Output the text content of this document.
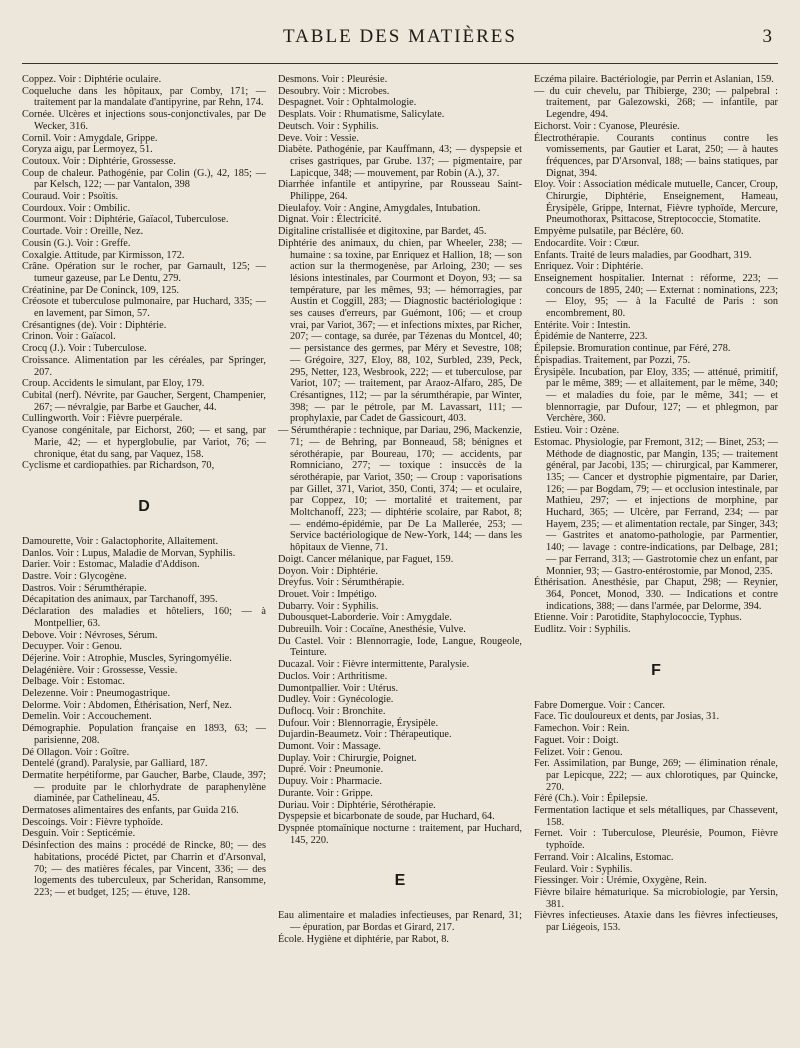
TABLE DES MATIÈRES	3
Coppez. Voir : Diphtérie oculaire.
Coqueluche dans les hôpitaux, par Comby, 171; — traitement par la mandalate d'antipyrine, par Rehn, 174.
Cornée. Ulcères et injections sous-conjonctivales, par De Wecker, 316.
Cornil. Voir : Amygdale, Grippe.
Coryza aigu, par Lermoyez, 51.
Coutoux. Voir : Diphtérie, Grossesse.
Coup de chaleur. Pathogénie, par Colin (G.), 42, 185; — par Kelsch, 122; — par Vantalon, 398
Couraud. Voir : Psoïtis.
Courdoux. Voir : Ombilic.
Courmont. Voir : Diphtérie, Gaïacol, Tuberculose.
Courtade. Voir : Oreille, Nez.
Cousin (G.). Voir : Greffe.
Coxalgie. Attitude, par Kirmisson, 172.
Crâne. Opération sur le rocher, par Garnault, 125; — tumeur gazeuse, par Le Dentu, 279.
Créatinine, par De Coninck, 109, 125.
Créosote et tuberculose pulmonaire, par Huchard, 335; — en lavement, par Simon, 57.
Crésantignes (de). Voir : Diphtérie.
Crinon. Voir : Gaïacol.
Crocq (J.). Voir : Tuberculose.
Croissance. Alimentation par les céréales, par Springer, 207.
Croup. Accidents le simulant, par Eloy, 179.
Cubital (nerf). Névrite, par Gaucher, Sergent, Champenier, 267; — névralgie, par Barbe et Gaucher, 44.
Cullingworth. Voir : Fièvre puerpérale.
Cyanose congénitale, par Eichorst, 260; — et sang, par Marie, 42; — et hyperglobulie, par Variot, 76; — chronique, état du sang, par Vaquez, 158.
Cyclisme et cardiopathies. par Richardson, 70,
D
Damourette, Voir : Galactophorite, Allaitement.
Danlos. Voir : Lupus, Maladie de Morvan, Syphilis.
Darier. Voir : Estomac, Maladie d'Addison.
Dastre. Voir : Glycogène.
Dastros. Voir : Sérumthérapie.
Décapitation des animaux, par Tarchanoff, 395.
Déclaration des maladies et hôteliers, 160; — à Montpellier, 63.
Debove. Voir : Névroses, Sérum.
Decuyper. Voir : Genou.
Déjerine. Voir : Atrophie, Muscles, Syringomyélie.
Delagénière. Voir : Grossesse, Vessie.
Delbage. Voir : Estomac.
Delezenne. Voir : Pneumogastrique.
Delorme. Voir : Abdomen, Éthérisation, Nerf, Nez.
Demelin. Voir : Accouchement.
Démographie. Population française en 1893, 63; — parisienne, 208.
Dé Ollagon. Voir : Goître.
Dentelé (grand). Paralysie, par Galliard, 187.
Dermatite herpétiforme, par Gaucher, Barbe, Claude, 397; — produite par le chlorhydrate de paraphenylène diaminée, par Cathelineau, 45.
Dermatoses alimentaires des enfants, par Guida 216.
Descoings. Voir : Fièvre typhoïde.
Desguin. Voir : Septicémie.
Désinfection des mains : procédé de Rincke, 80; — des habitations, procédé Pictet, par Charrin et d'Arsonval, 70; — des matières fécales, par Vincent, 336; — des logements des tuberculeux, par Scheridan, Ransomme, 223; — et budget, 125; — étuve, 128.
Desmons. Voir : Pleurésie.
Desoubry. Voir : Microbes.
Despagnet. Voir : Ophtalmologie.
Desplats. Voir : Rhumatisme, Salicylate.
Deutsch. Voir : Syphilis.
Deve. Voir : Vessie.
Diabète. Pathogénie, par Kauffmann, 43; — dyspepsie et crises gastriques, par Grube. 137; — pigmentaire, par Lapicque, 348; — mouvement, par Robin (A.), 37.
Diarrhée infantile et antipyrine, par Rousseau Saint-Philippe, 264.
Dieulafoy. Voir : Angine, Amygdales, Intubation.
Dignat. Voir : Électricité.
Digitaline cristallisée et digitoxine, par Bardet, 45.
Diphtérie des animaux, du chien, par Wheeler, 238; — humaine : sa toxine, par Enriquez et Hallion, 18; — son action sur la thermogenèse, par Arloing, 230; — ses lésions intestinales, par Courmont et Doyon, 93; — sa température, par les mêmes, 93; — hémorragies, par Austin et Coggill, 283; — Diagnostic bactériologique : ses causes d'erreurs, par Guémont, 106; — et croup vrai, par Variot, 367; — et infections mixtes, par Richer, 207; — contage, sa durée, par Tézenas du Montcel, 40; — persistance des germes, par Méry et Sevestre, 108; — Grégoire, 327, Eloy, 88, 102, Surbled, 239, Peck, 295, Netter, 123, Wesbrook, 222; — et tuberculose, par Variot, 107; — traitement, par Araoz-Alfaro, 285, De Crésantignes, 112; — par la sérumthérapie, par Winter, 398; — par le pétrole, par M. Lavassart, 111; — prophylaxie, par Cadet de Gassicourt, 403.
— Sérumthérapie : technique, par Dariau, 296, Mackenzie, 71; — de Behring, par Bonneaud, 58; bénignes et sérothérapie, par Boureau, 170; — accidents, par Romniciano, 277; — toxique : insuccès de la sérothérapie, par Variot, 350; — Croup : vaporisations par Gillet, 371, Variot, 350, Conti, 374; — et oculaire, par Coppez, 10; — mortalité et traitement, par Moltchanoff, 223; — diphtérie scolaire, par Rabot, 8; — endémo-épidémie, par De La Mallerée, 253; — Service bactériologique de New-York, 144; — dans les hôpitaux de Vienne, 71.
Doigt. Cancer mélanique, par Faguet, 159.
Doyon. Voir : Diphtérie.
Dreyfus. Voir : Sérumthérapie.
Drouet. Voir : Impétigo.
Dubarry. Voir : Syphilis.
Dubousquet-Laborderie. Voir : Amygdale.
Dubreuilh. Voir : Cocaïne, Anesthésie, Vulve.
Du Castel. Voir : Blennorragie, Iode, Langue, Rougeole, Teinture.
Ducazal. Voir : Fièvre intermittente, Paralysie.
Duclos. Voir : Arthritisme.
Dumontpallier. Voir : Utérus.
Dudley. Voir : Gynécologie.
Duflocq. Voir : Bronchite.
Dufour. Voir : Blennorragie, Érysipèle.
Dujardin-Beaumetz. Voir : Thérapeutique.
Dumont. Voir : Massage.
Duplay. Voir : Chirurgie, Poignet.
Dupré. Voir : Pneumonie.
Dupuy. Voir : Pharmacie.
Durante. Voir : Grippe.
Duriau. Voir : Diphtérie, Sérothérapie.
Dyspepsie et bicarbonate de soude, par Huchard, 64.
Dyspnée ptomaïnique nocturne : traitement, par Huchard, 145, 220.
E
Eau alimentaire et maladies infectieuses, par Renard, 31; — épuration, par Bordas et Girard, 217.
École. Hygiène et diphtérie, par Rabot, 8.
Eczéma pilaire. Bactériologie, par Perrin et Aslanian, 159.
— du cuir chevelu, par Thibierge, 230; — palpebral : traitement, par Galezowski, 268; — infantile, par Legendre, 494.
Eichorst. Voir : Cyanose, Pleurésie.
Électrothérapie. Courants continus contre les vomissements, par Gautier et Larat, 250; — à hautes fréquences, par D'Arsonval, 188; — bains statiques, par Dignat, 394.
Eloy. Voir : Association médicale mutuelle, Cancer, Croup, Chirurgie, Diphtérie, Enseignement, Hameau, Érysipèle, Grippe, Internat, Fièvre typhoïde, Mercure, Pneumothorax, Psittacose, Streptococcie, Stomatite.
Empyème pulsatile, par Béclère, 60.
Endocardite. Voir : Cœur.
Enfants. Traité de leurs maladies, par Goodhart, 319.
Enriquez. Voir : Diphtérie.
Enseignement hospitalier. Internat : réforme, 223; — concours de 1895, 240; — Externat : nominations, 223; — Eloy, 95; — à la Faculté de Paris : son encombrement, 80.
Entérite. Voir : Intestin.
Épidémie de Nanterre, 223.
Épilepsie. Bromuration continue, par Féré, 278.
Épispadias. Traitement, par Pozzi, 75.
Érysipèle. Incubation, par Eloy, 335; — atténué, primitif, par le même, 389; — et allaitement, par le même, 340; — et maladies du foie, par le même, 341; — et blennorragie, par Dufour, 127; — et phlegmon, par Verchère, 360.
Estieu. Voir : Ozène.
Estomac. Physiologie, par Fremont, 312; — Binet, 253; — Méthode de diagnostic, par Mangin, 135; — traitement général, par Jacobi, 135; — chirurgical, par Kammerer, 135; — Cancer et dystrophie pigmentaire, par Darier, 126; — par Bogdam, 79; — et occlusion intestinale, par Mathieu, 297; — et injections de morphine, par Huchard, 365; — Ulcère, par Ferrand, 234; — par Hayem, 235; — et alimentation rectale, par Singer, 343; — Gastrites et anatomo-pathologie, par Parmentier, 140; — lavage : contre-indications, par Delbage, 281; — par Ferrand, 313; — Gastrotomie chez un enfant, par Monnier, 93; — Gastro-entérostomie, par Monod, 235.
Éthérisation. Anesthésie, par Chaput, 298; — Reynier, 364, Poncet, Monod, 330. — Indications et contre indications, 388; — dans l'armée, par Delorme, 394.
Etienne. Voir : Parotidite, Staphylococcie, Typhus.
Eudlitz. Voir : Syphilis.
F
Fabre Domergue. Voir : Cancer.
Face. Tic douloureux et dents, par Josias, 31.
Famechon. Voir : Rein.
Faguet. Voir : Doigt.
Felizet. Voir : Genou.
Fer. Assimilation, par Bunge, 269; — élimination rénale, par Lepicque, 222; — aux chlorotiques, par Quincke, 270.
Féré (Ch.). Voir : Épilepsie.
Fermentation lactique et sels métalliques, par Chassevent, 158.
Fernet. Voir : Tuberculose, Pleurésie, Poumon, Fièvre typhoïde.
Ferrand. Voir : Alcalins, Estomac.
Feulard. Voir : Syphilis.
Fiessinger. Voir : Urémie, Oxygène, Rein.
Fièvre bilaire hématurique. Sa microbiologie, par Yersin, 381.
Fièvres infectieuses. Ataxie dans les fièvres infectieuses, par Liégeois, 153.
